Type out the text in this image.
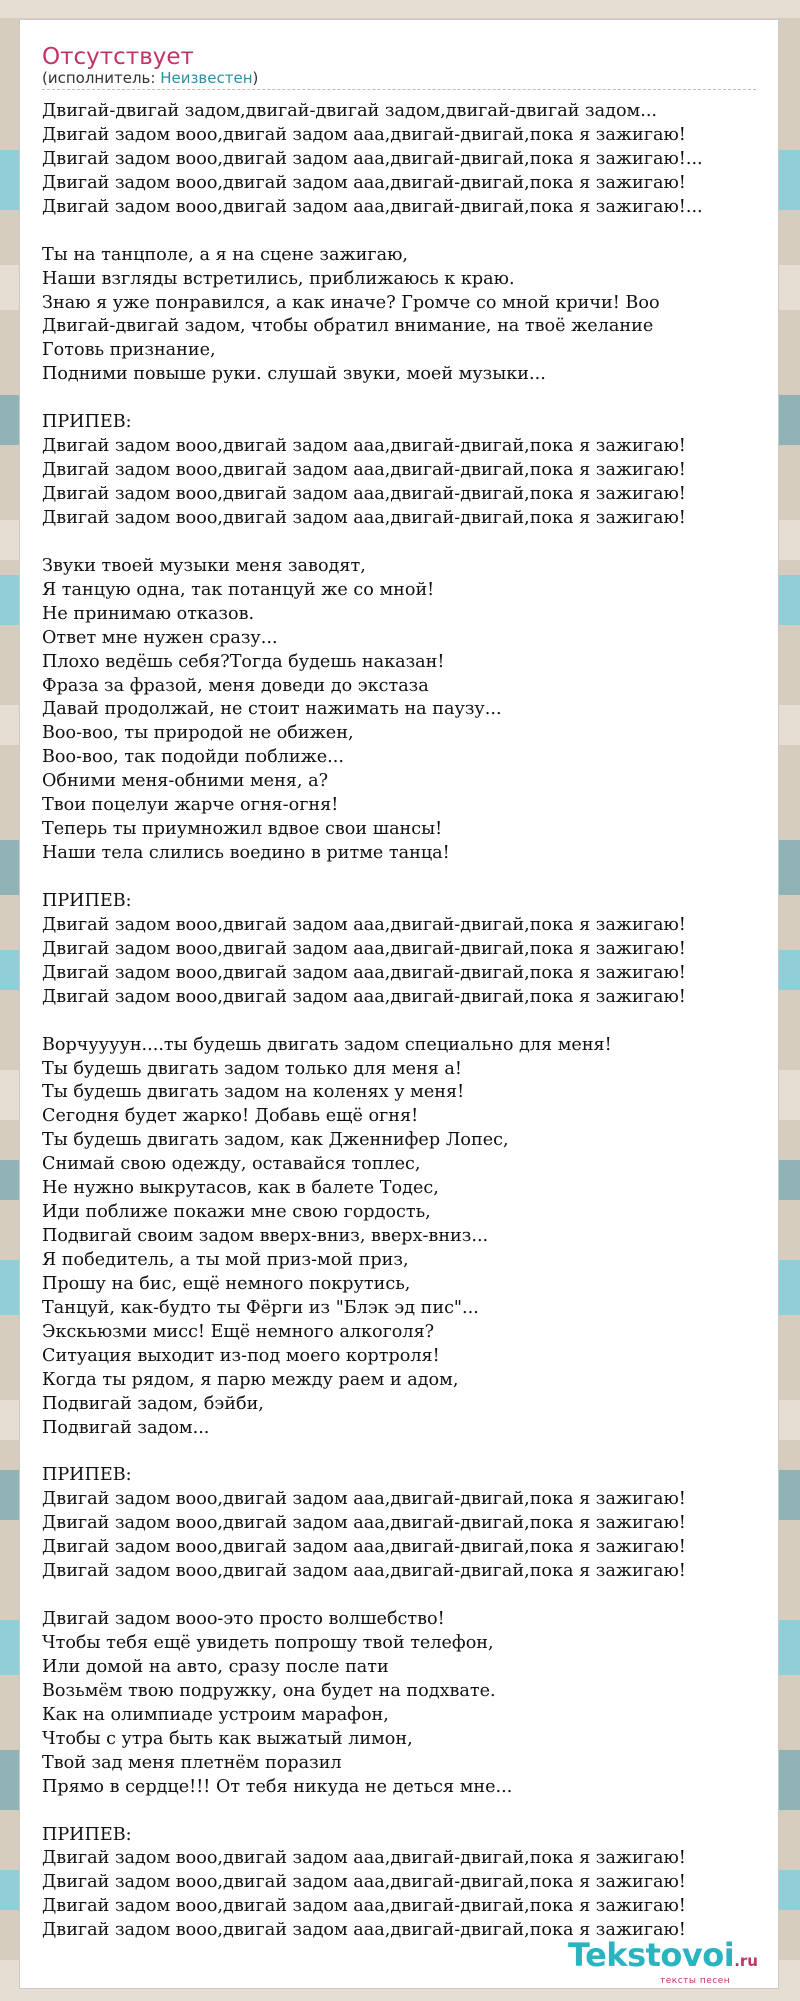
Отсутствует
(исполнитель: Неизвестен)
Двигай-двигай задом,двигай-двигай задом,двигай-двигай задом...
Двигай задом вооо,двигай задом ааа,двигай-двигай,пока я зажигаю!
Двигай задом вооо,двигай задом ааа,двигай-двигай,пока я зажигаю!...
Двигай задом вооо,двигай задом ааа,двигай-двигай,пока я зажигаю!
Двигай задом вооо,двигай задом ааа,двигай-двигай,пока я зажигаю!...
Ты на танцполе, а я на сцене зажигаю,
Наши взгляды встретились, приближаюсь к краю.
Знаю я уже понравился, а как иначе? Громче со мной кричи! Воо
Двигай-двигай задом, чтобы обратил внимание, на твоё желание
Готовь признание,
Подними повыше руки. слушай звуки, моей музыки...
ПРИПЕВ:
Двигай задом вооо,двигай задом ааа,двигай-двигай,пока я зажигаю!
Двигай задом вооо,двигай задом ааа,двигай-двигай,пока я зажигаю!
Двигай задом вооо,двигай задом ааа,двигай-двигай,пока я зажигаю!
Двигай задом вооо,двигай задом ааа,двигай-двигай,пока я зажигаю!
Звуки твоей музыки меня заводят,
Я танцую одна, так потанцуй же со мной!
Не принимаю отказов.
Ответ мне нужен сразу...
Плохо ведёшь себя?Тогда будешь наказан!
Фраза за фразой, меня доведи до экстаза
Давай продолжай, не стоит нажимать на паузу...
Воо-воо, ты природой не обижен,
Воо-воо, так подойди поближе...
Обними меня-обними меня, а?
Твои поцелуи жарче огня-огня!
Теперь ты приумножил вдвое свои шансы!
Наши тела слились воедино в ритме танца!
ПРИПЕВ:
Двигай задом вооо,двигай задом ааа,двигай-двигай,пока я зажигаю!
Двигай задом вооо,двигай задом ааа,двигай-двигай,пока я зажигаю!
Двигай задом вооо,двигай задом ааа,двигай-двигай,пока я зажигаю!
Двигай задом вооо,двигай задом ааа,двигай-двигай,пока я зажигаю!
Ворчуууун....ты будешь двигать задом специально для меня!
Ты будешь двигать задом только для меня а!
Ты будешь двигать задом на коленях у меня!
Сегодня будет жарко! Добавь ещё огня!
Ты будешь двигать задом, как Дженнифер Лопес,
Снимай свою одежду, оставайся топлес,
Не нужно выкрутасов, как в балете Тодес,
Иди поближе покажи мне свою гордость,
Подвигай своим задом вверх-вниз, вверх-вниз...
Я победитель, а ты мой приз-мой приз,
Прошу на бис, ещё немного покрутись,
Танцуй, как-будто ты Фёрги из "Блэк эд пис"...
Экскьюзми мисс! Ещё немного алкоголя?
Ситуация выходит из-под моего кортроля!
Когда ты рядом, я парю между раем и адом,
Подвигай задом, бэйби,
Подвигай задом...
ПРИПЕВ:
Двигай задом вооо,двигай задом ааа,двигай-двигай,пока я зажигаю!
Двигай задом вооо,двигай задом ааа,двигай-двигай,пока я зажигаю!
Двигай задом вооо,двигай задом ааа,двигай-двигай,пока я зажигаю!
Двигай задом вооо,двигай задом ааа,двигай-двигай,пока я зажигаю!
Двигай задом вооо-это просто волшебство!
Чтобы тебя ещё увидеть попрошу твой телефон,
Или домой на авто, сразу после пати
Возьмём твою подружку, она будет на подхвате.
Как на олимпиаде устроим марафон,
Чтобы с утра быть как выжатый лимон,
Твой зад меня плетнём поразил
Прямо в сердце!!! От тебя никуда не деться мне...
ПРИПЕВ:
Двигай задом вооо,двигай задом ааа,двигай-двигай,пока я зажигаю!
Двигай задом вооо,двигай задом ааа,двигай-двигай,пока я зажигаю!
Двигай задом вооо,двигай задом ааа,двигай-двигай,пока я зажигаю!
Двигай задом вооо,двигай задом ааа,двигай-двигай,пока я зажигаю!
Tekstovoi.ru
тексты песен
